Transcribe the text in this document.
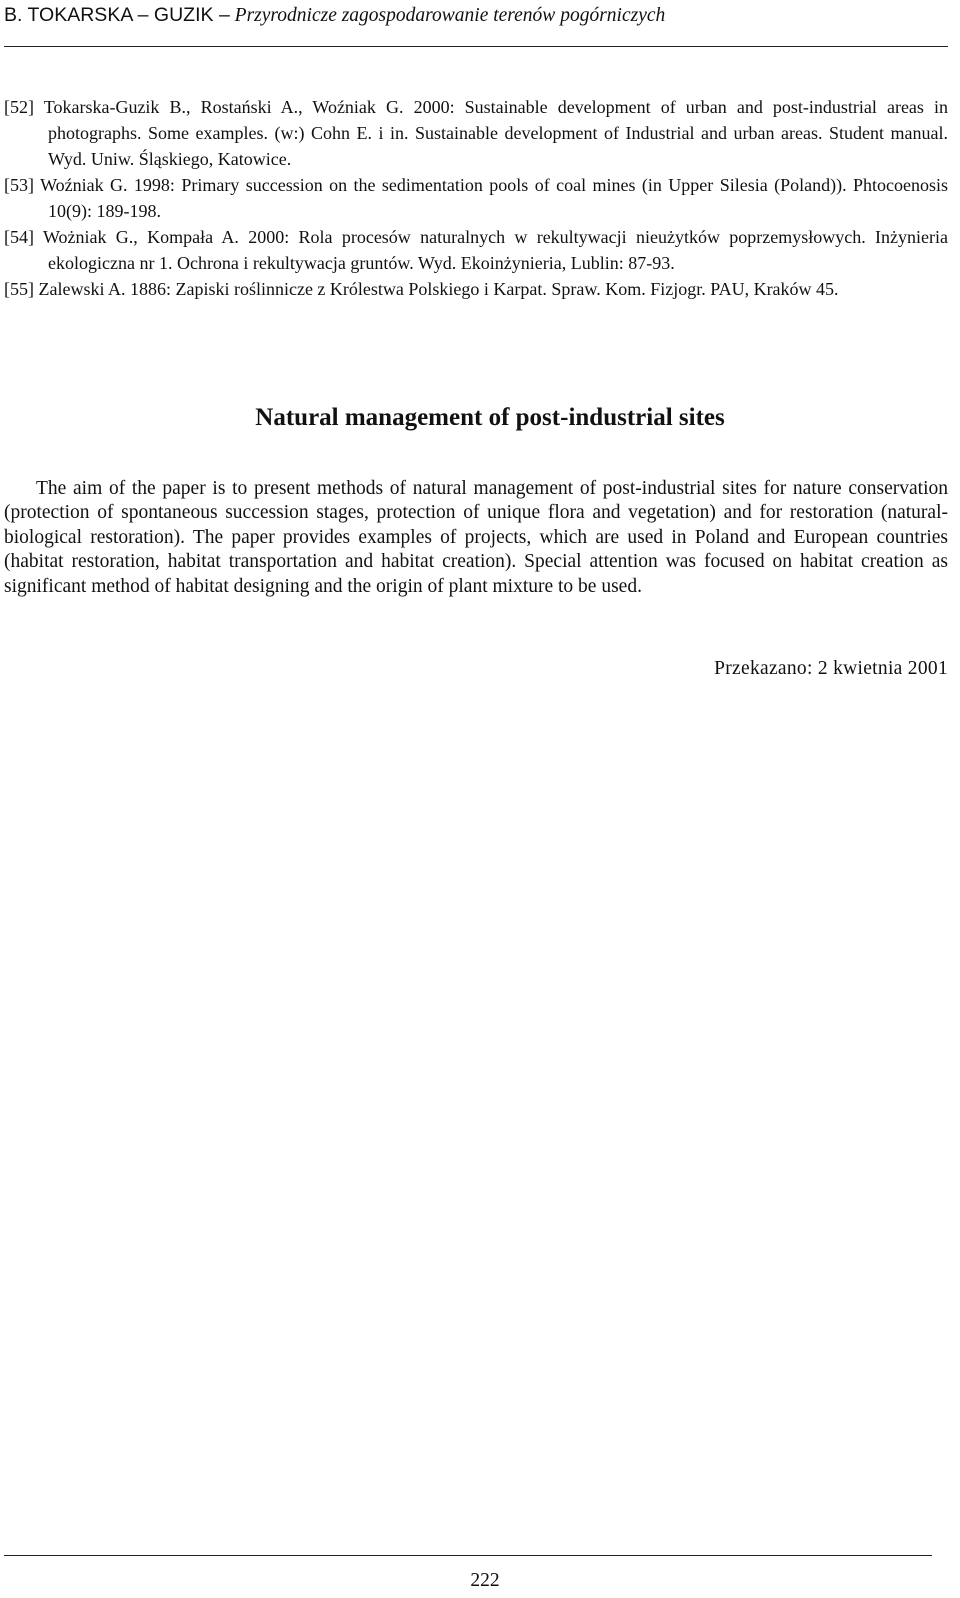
B. TOKARSKA – GUZIK – Przyrodnicze zagospodarowanie terenów pogórniczych

[52] Tokarska-Guzik B., Rostański A., Woźniak G. 2000: Sustainable development of urban and post-industrial areas in photographs. Some examples. (w:) Cohn E. i in. Sustainable development of Industrial and urban areas. Student manual. Wyd. Uniw. Śląskiego, Katowice.

[53] Woźniak G. 1998: Primary succession on the sedimentation pools of coal mines (in Upper Silesia (Poland)). Phtocoenosis 10(9): 189-198.

[54] Wożniak G., Kompała A. 2000: Rola procesów naturalnych w rekultywacji nieużytków poprzemysłowych. Inżynieria ekologiczna nr 1. Ochrona i rekultywacja gruntów. Wyd. Ekoinżynieria, Lublin: 87-93.

[55] Zalewski A. 1886: Zapiski roślinnicze z Królestwa Polskiego i Karpat. Spraw. Kom. Fizjogr. PAU, Kraków 45.

Natural management of post-industrial sites

The aim of the paper is to present methods of natural management of post-industrial sites for nature conservation (protection of spontaneous succession stages, protection of unique flora and vegetation) and for restoration (natural-biological restoration). The paper provides examples of projects, which are used in Poland and European countries (habitat restoration, habitat transportation and habitat creation). Special attention was focused on habitat creation as significant method of habitat designing and the origin of plant mixture to be used.

Przekazano: 2 kwietnia 2001
222
